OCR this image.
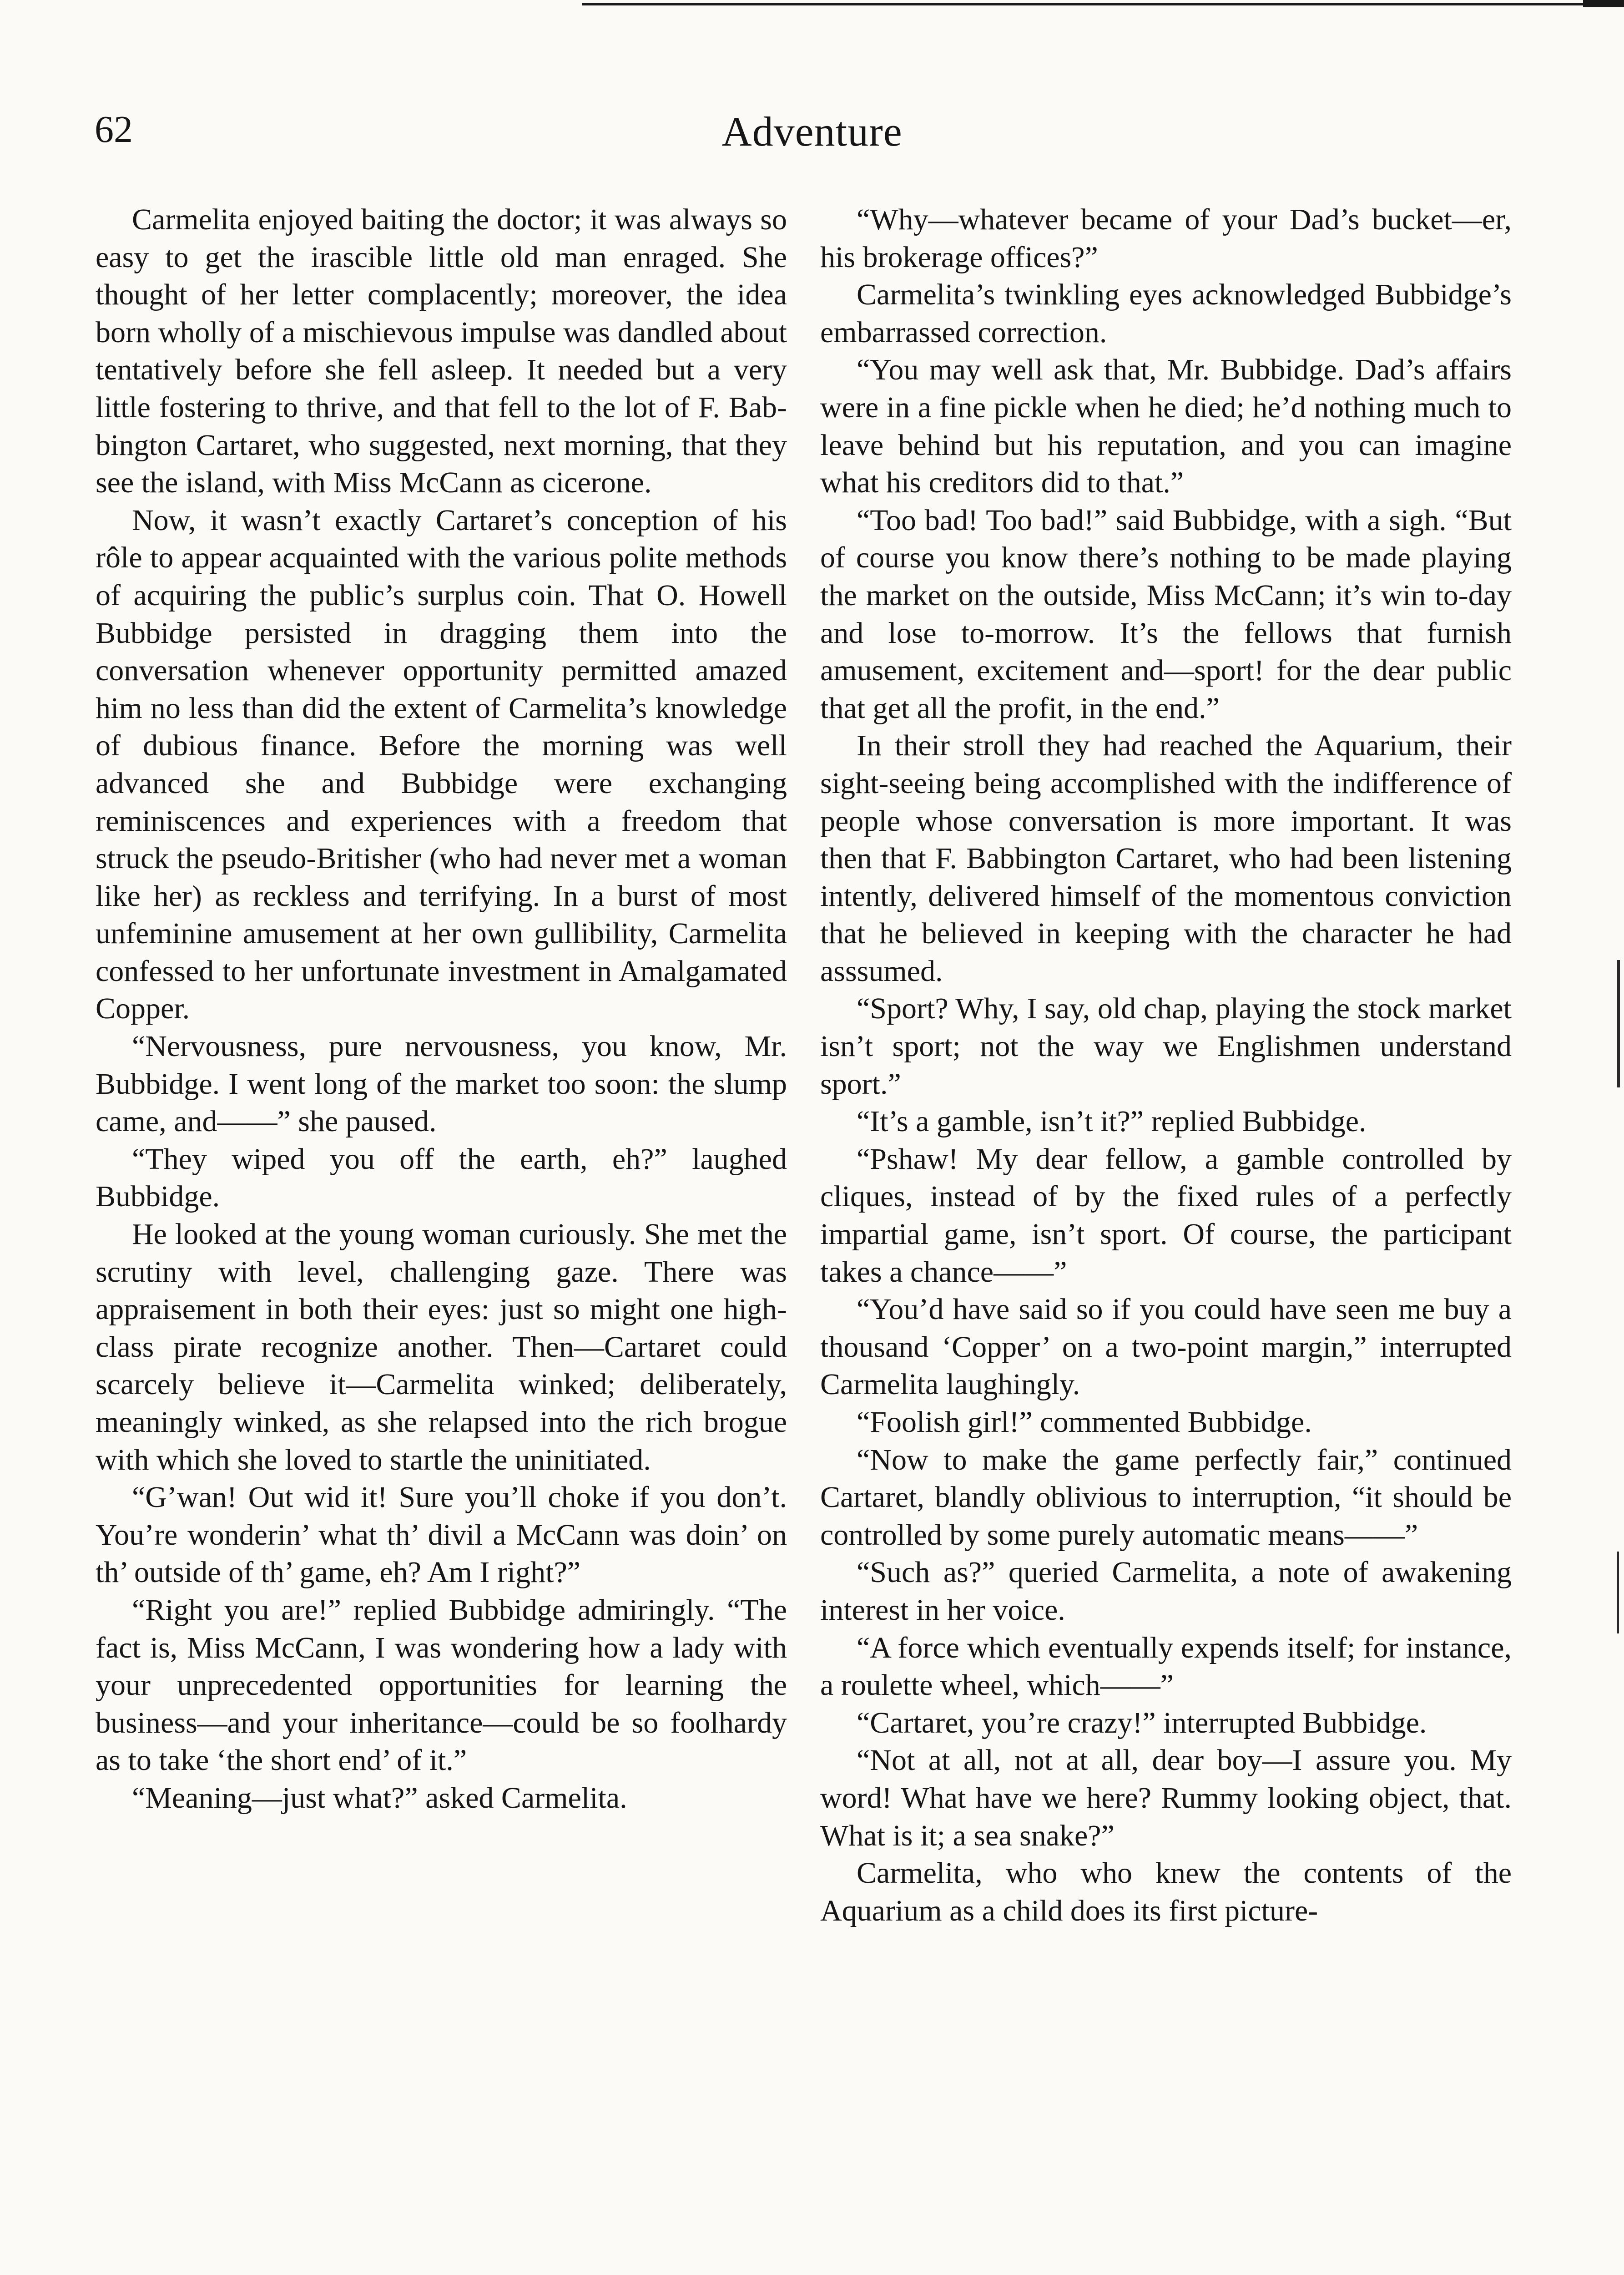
62	Adventure

Carmelita enjoyed baiting the doctor; it was always so easy to get the irascible little old man enraged. She thought of her letter complacently; moreover, the idea born wholly of a mischievous impulse was dandled about tentatively before she fell asleep. It needed but a very little fostering to thrive, and that fell to the lot of F. Babbington Cartaret, who suggested, next morning, that they see the island, with Miss McCann as cicerone.

Now, it wasn’t exactly Cartaret’s conception of his rôle to appear acquainted with the various polite methods of acquiring the public’s surplus coin. That O. Howell Bubbidge persisted in dragging them into the conversation whenever opportunity permitted amazed him no less than did the extent of Carmelita’s knowledge of dubious finance. Before the morning was well advanced she and Bubbidge were exchanging reminiscences and experiences with a freedom that struck the pseudo-Britisher (who had never met a woman like her) as reckless and terrifying. In a burst of most unfeminine amusement at her own gullibility, Carmelita confessed to her unfortunate investment in Amalgamated Copper.

“Nervousness, pure nervousness, you know, Mr. Bubbidge. I went long of the market too soon: the slump came, and——” she paused.

“They wiped you off the earth, eh?” laughed Bubbidge.

He looked at the young woman curiously. She met the scrutiny with level, challenging gaze. There was appraisement in both their eyes: just so might one high-class pirate recognize another. Then—Cartaret could scarcely believe it—Carmelita winked; deliberately, meaningly winked, as she relapsed into the rich brogue with which she loved to startle the uninitiated.

“G’wan! Out wid it! Sure you’ll choke if you don’t. You’re wonderin’ what th’ divil a McCann was doin’ on th’ outside of th’ game, eh? Am I right?”

“Right you are!” replied Bubbidge admiringly. “The fact is, Miss McCann, I was wondering how a lady with your unprecedented opportunities for learning the business—and your inheritance—could be so foolhardy as to take ‘the short end’ of it.”

“Meaning—just what?” asked Carmelita.

“Why—whatever became of your Dad’s bucket—er, his brokerage offices?”

Carmelita’s twinkling eyes acknowledged Bubbidge’s embarrassed correction.

“You may well ask that, Mr. Bubbidge. Dad’s affairs were in a fine pickle when he died; he’d nothing much to leave behind but his reputation, and you can imagine what his creditors did to that.”

“Too bad! Too bad!” said Bubbidge, with a sigh. “But of course you know there’s nothing to be made playing the market on the outside, Miss McCann; it’s win to-day and lose to-morrow. It’s the fellows that furnish amusement, excitement and—sport! for the dear public that get all the profit, in the end.”

In their stroll they had reached the Aquarium, their sight-seeing being accomplished with the indifference of people whose conversation is more important. It was then that F. Babbington Cartaret, who had been listening intently, delivered himself of the momentous conviction that he believed in keeping with the character he had asssumed.

“Sport? Why, I say, old chap, playing the stock market isn’t sport; not the way we Englishmen understand sport.”

“It’s a gamble, isn’t it?” replied Bubbidge.

“Pshaw! My dear fellow, a gamble controlled by cliques, instead of by the fixed rules of a perfectly impartial game, isn’t sport. Of course, the participant takes a chance——”

“You’d have said so if you could have seen me buy a thousand ‘Copper’ on a two-point margin,” interrupted Carmelita laughingly.

“Foolish girl!” commented Bubbidge.

“Now to make the game perfectly fair,” continued Cartaret, blandly oblivious to interruption, “it should be controlled by some purely automatic means——”

“Such as?” queried Carmelita, a note of awakening interest in her voice.

“A force which eventually expends itself; for instance, a roulette wheel, which——”

“Cartaret, you’re crazy!” interrupted Bubbidge.

“Not at all, not at all, dear boy—I assure you. My word! What have we here? Rummy looking object, that. What is it; a sea snake?”

Carmelita, who who knew the contents of the Aquarium as a child does its first picture-
